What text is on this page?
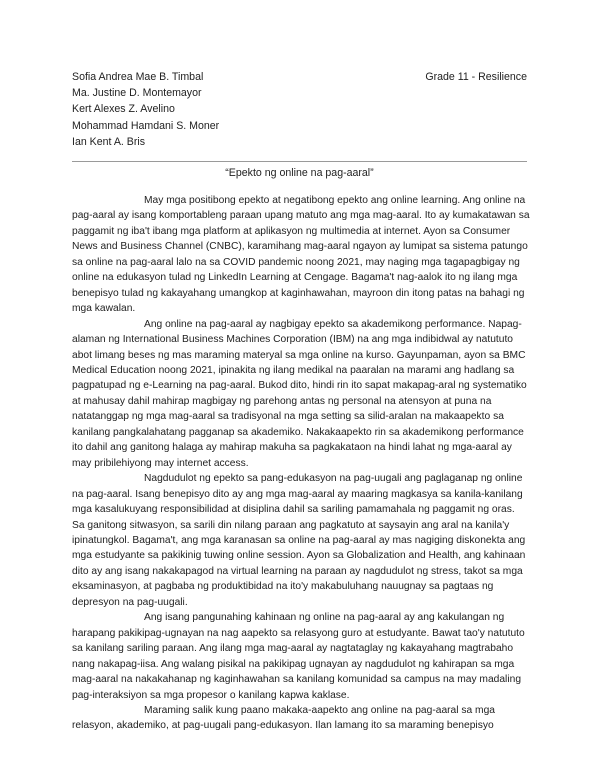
Sofia Andrea Mae B. Timbal
Ma. Justine D. Montemayor
Kert Alexes Z. Avelino
Mohammad Hamdani S. Moner
Ian Kent A. Bris
Grade 11 - Resilience
“Epekto ng online na pag-aaral”

May mga positibong epekto at negatibong epekto ang online learning. Ang online na pag-aaral ay isang komportableng paraan upang matuto ang mga mag-aaral. Ito ay kumakatawan sa paggamit ng iba't ibang mga platform at aplikasyon ng multimedia at internet. Ayon sa Consumer News and Business Channel (CNBC), karamihang mag-aaral ngayon ay lumipat sa sistema patungo sa online na pag-aaral lalo na sa COVID pandemic noong 2021, may naging mga tagapagbigay ng online na edukasyon tulad ng LinkedIn Learning at Cengage. Bagama't nag-aalok ito ng ilang mga benepisyo tulad ng kakayahang umangkop at kaginhawahan, mayroon din itong patas na bahagi ng mga kawalan.

Ang online na pag-aaral ay nagbigay epekto sa akademikong performance. Napag-alaman ng International Business Machines Corporation (IBM) na ang mga indibidwal ay natututo abot limang beses ng mas maraming materyal sa mga online na kurso. Gayunpaman, ayon sa BMC Medical Education noong 2021, ipinakita ng ilang medikal na paaralan na marami ang hadlang sa pagpatupad ng e-Learning na pag-aaral. Bukod dito, hindi rin ito sapat makapag-aral ng systematiko at mahusay dahil mahirap magbigay ng parehong antas ng personal na atensyon at puna na natatanggap ng mga mag-aaral sa tradisyonal na mga setting sa silid-aralan na makaapekto sa kanilang pangkalahatang pagganap sa akademiko. Nakakaapekto rin sa akademikong performance ito dahil ang ganitong halaga ay mahirap makuha sa pagkakataon na hindi lahat ng mga-aaral ay may pribilehiyong may internet access.

Nagdudulot ng epekto sa pang-edukasyon na pag-uugali ang paglaganap ng online na pag-aaral. Isang benepisyo dito ay ang mga mag-aaral ay maaring magkasya sa kanila-kanilang mga kasalukuyang responsibilidad at disiplina dahil sa sariling pamamahala ng paggamit ng oras. Sa ganitong sitwasyon, sa sarili din nilang paraan ang pagkatuto at saysayin ang aral na kanila'y ipinatungkol. Bagama't, ang mga karanasan sa online na pag-aaral ay mas nagiging diskonekta ang mga estudyante sa pakikinig tuwing online session. Ayon sa Globalization and Health, ang kahinaan dito ay ang isang nakakapagod na virtual learning na paraan ay nagdudulot ng stress, takot sa mga eksaminasyon, at pagbaba ng produktibidad na ito'y makabuluhang nauugnay sa pagtaas ng depresyon na pag-uugali.

Ang isang pangunahing kahinaan ng online na pag-aaral ay ang kakulangan ng harapang pakikipag-ugnayan na nag aapekto sa relasyong guro at estudyante. Bawat tao'y natututo sa kanilang sariling paraan. Ang ilang mga mag-aaral ay nagtataglay ng kakayahang magtrabaho nang nakapag-iisa. Ang walang pisikal na pakikipag ugnayan ay nagdudulot ng kahirapan sa mga mag-aaral na nakakahanap ng kaginhawahan sa kanilang komunidad sa campus na may madaling pag-interaksiyon sa mga propesor o kanilang kapwa kaklase.

Maraming salik kung paano makaka-aapekto ang online na pag-aaral sa mga relasyon, akademiko, at pag-uugali pang-edukasyon. Ilan lamang ito sa maraming benepisyo
